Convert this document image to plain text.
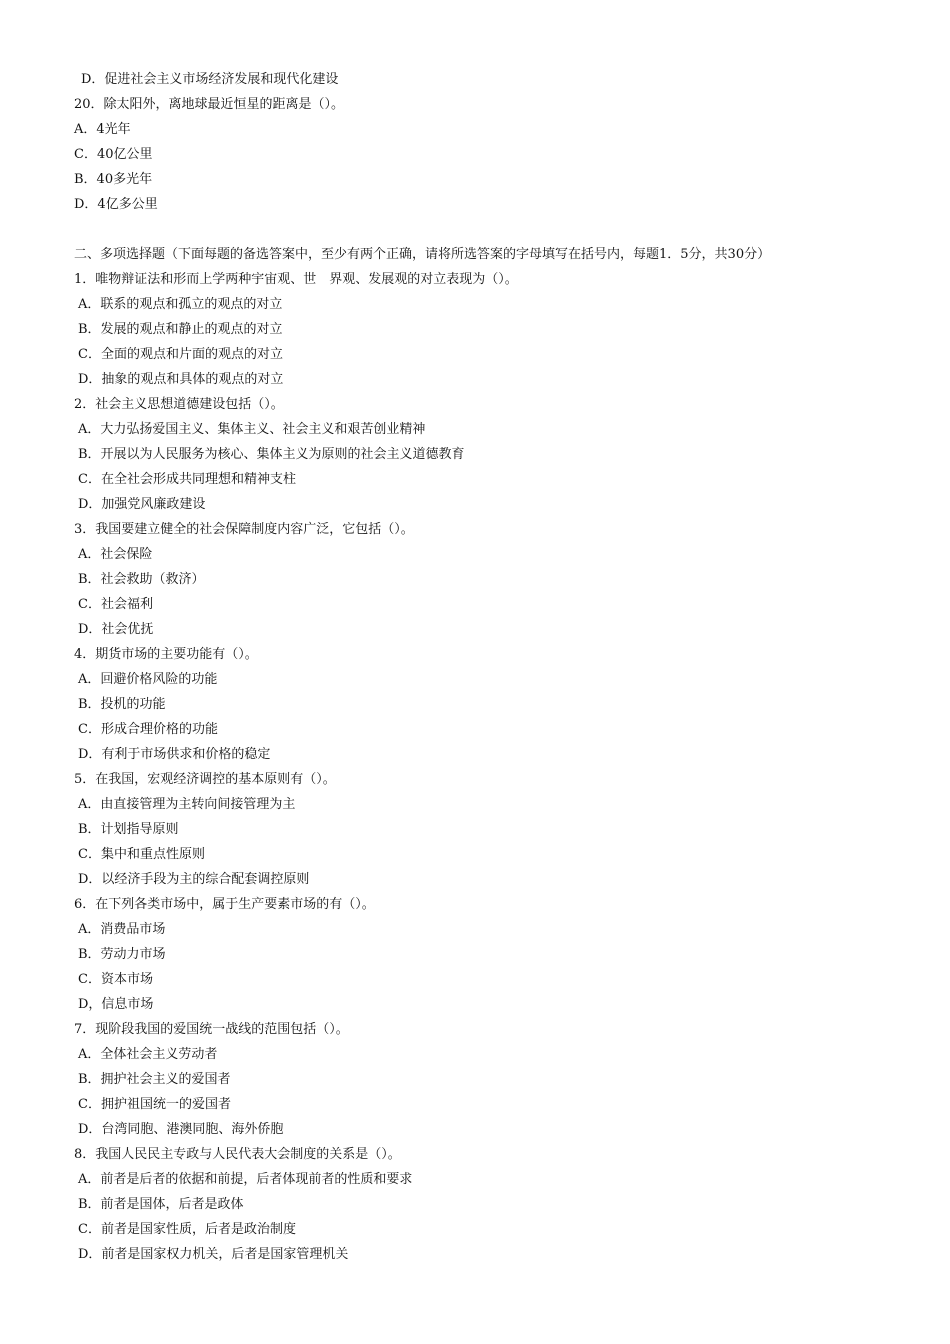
D．促进社会主义市场经济发展和现代化建设
20．除太阳外，离地球最近恒星的距离是（）。
A．4光年
C．40亿公里
B．40多光年
D．4亿多公里
二、多项选择题（下面每题的备选答案中，至少有两个正确，请将所选答案的字母填写在括号内，每题1．5分，共30分）
1．唯物辩证法和形而上学两种宇宙观、世　界观、发展观的对立表现为（）。
A．联系的观点和孤立的观点的对立
B．发展的观点和静止的观点的对立
C．全面的观点和片面的观点的对立
D．抽象的观点和具体的观点的对立
2．社会主义思想道德建设包括（）。
A．大力弘扬爱国主义、集体主义、社会主义和艰苦创业精神
B．开展以为人民服务为核心、集体主义为原则的社会主义道德教育
C．在全社会形成共同理想和精神支柱
D．加强党风廉政建设
3．我国要建立健全的社会保障制度内容广泛，它包括（）。
A．社会保险
B．社会救助（救济）
C．社会福利
D．社会优抚
4．期货市场的主要功能有（）。
A．回避价格风险的功能
B．投机的功能
C．形成合理价格的功能
D．有利于市场供求和价格的稳定
5．在我国，宏观经济调控的基本原则有（）。
A．由直接管理为主转向间接管理为主
B．计划指导原则
C．集中和重点性原则
D．以经济手段为主的综合配套调控原则
6．在下列各类市场中，属于生产要素市场的有（）。
A．消费品市场
B．劳动力市场
C．资本市场
D，信息市场
7．现阶段我国的爱国统一战线的范围包括（）。
A．全体社会主义劳动者
B．拥护社会主义的爱国者
C．拥护祖国统一的爱国者
D．台湾同胞、港澳同胞、海外侨胞
8．我国人民民主专政与人民代表大会制度的关系是（）。
A．前者是后者的依据和前提，后者体现前者的性质和要求
B．前者是国体，后者是政体
C．前者是国家性质，后者是政治制度
D．前者是国家权力机关，后者是国家管理机关
